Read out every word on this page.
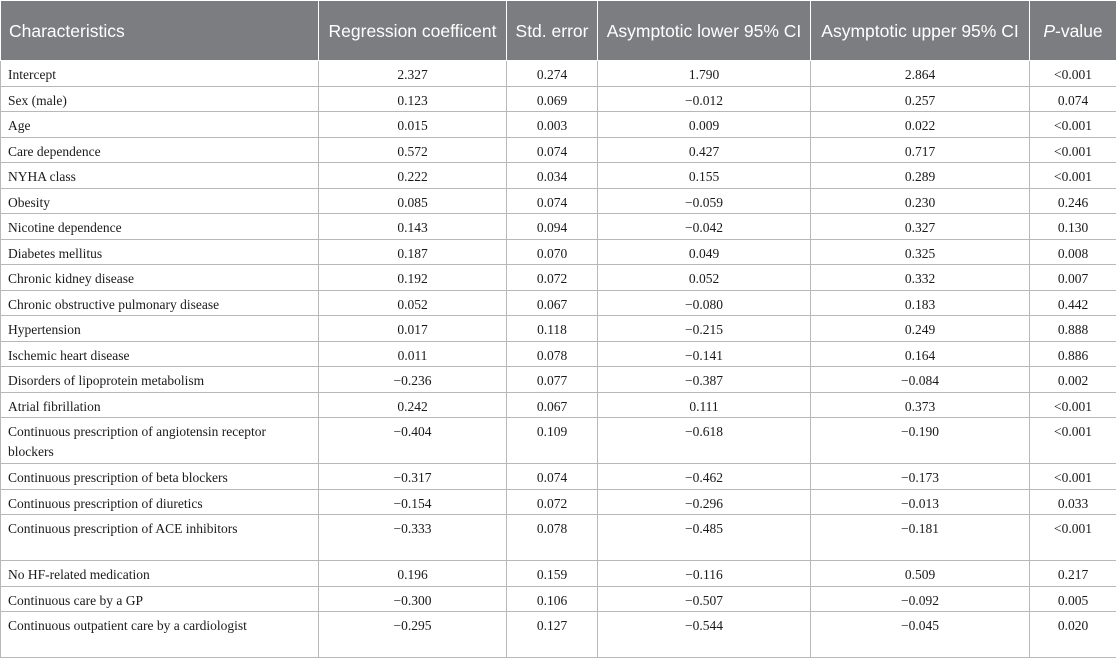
Characteristics	Regression coefficent	Std. error	Asymptotic lower 95% CI	Asymptotic upper 95% CI	P-value
Intercept	2.327	0.274	1.790	2.864	<0.001
Sex (male)	0.123	0.069	−0.012	0.257	0.074
Age	0.015	0.003	0.009	0.022	<0.001
Care dependence	0.572	0.074	0.427	0.717	<0.001
NYHA class	0.222	0.034	0.155	0.289	<0.001
Obesity	0.085	0.074	−0.059	0.230	0.246
Nicotine dependence	0.143	0.094	−0.042	0.327	0.130
Diabetes mellitus	0.187	0.070	0.049	0.325	0.008
Chronic kidney disease	0.192	0.072	0.052	0.332	0.007
Chronic obstructive pulmonary disease	0.052	0.067	−0.080	0.183	0.442
Hypertension	0.017	0.118	−0.215	0.249	0.888
Ischemic heart disease	0.011	0.078	−0.141	0.164	0.886
Disorders of lipoprotein metabolism	−0.236	0.077	−0.387	−0.084	0.002
Atrial fibrillation	0.242	0.067	0.111	0.373	<0.001
Continuous prescription of angiotensin receptor blockers	−0.404	0.109	−0.618	−0.190	<0.001
Continuous prescription of beta blockers	−0.317	0.074	−0.462	−0.173	<0.001
Continuous prescription of diuretics	−0.154	0.072	−0.296	−0.013	0.033
Continuous prescription of ACE inhibitors	−0.333	0.078	−0.485	−0.181	<0.001
No HF-related medication	0.196	0.159	−0.116	0.509	0.217
Continuous care by a GP	−0.300	0.106	−0.507	−0.092	0.005
Continuous outpatient care by a cardiologist	−0.295	0.127	−0.544	−0.045	0.020
